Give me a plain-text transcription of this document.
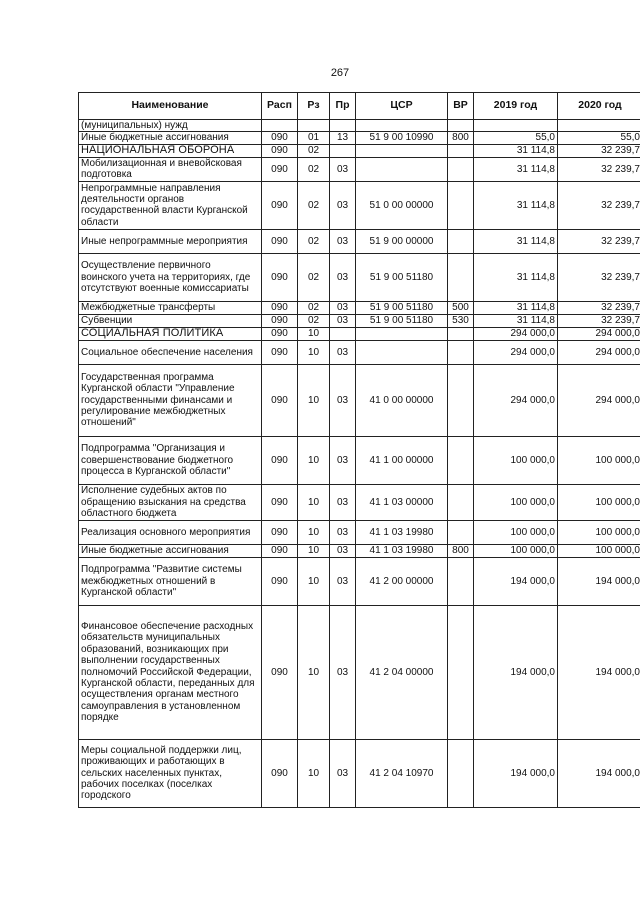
267
Наименование	Расп	Рз	Пр	ЦСР	ВР	2019 год	2020 год
(муниципальных) нужд							
Иные бюджетные ассигнования	090	01	13	51 9 00 10990	800	55,0	55,0
НАЦИОНАЛЬНАЯ ОБОРОНА	090	02				31 114,8	32 239,7
Мобилизационная и вневойсковая подготовка	090	02	03			31 114,8	32 239,7
Непрограммные направления деятельности органов государственной власти Курганской области	090	02	03	51 0 00 00000		31 114,8	32 239,7
Иные непрограммные мероприятия	090	02	03	51 9 00 00000		31 114,8	32 239,7
Осуществление первичного воинского учета на территориях, где отсутствуют военные комиссариаты	090	02	03	51 9 00 51180		31 114,8	32 239,7
Межбюджетные трансферты	090	02	03	51 9 00 51180	500	31 114,8	32 239,7
Субвенции	090	02	03	51 9 00 51180	530	31 114,8	32 239,7
СОЦИАЛЬНАЯ ПОЛИТИКА	090	10				294 000,0	294 000,0
Социальное обеспечение населения	090	10	03			294 000,0	294 000,0
Государственная программа Курганской области "Управление государственными финансами и регулирование межбюджетных отношений"	090	10	03	41 0 00 00000		294 000,0	294 000,0
Подпрограмма "Организация и совершенствование бюджетного процесса в Курганской области"	090	10	03	41 1 00 00000		100 000,0	100 000,0
Исполнение судебных актов по обращению взыскания на средства областного бюджета	090	10	03	41 1 03 00000		100 000,0	100 000,0
Реализация основного мероприятия	090	10	03	41 1 03 19980		100 000,0	100 000,0
Иные бюджетные ассигнования	090	10	03	41 1 03 19980	800	100 000,0	100 000,0
Подпрограмма "Развитие системы межбюджетных отношений в Курганской области"	090	10	03	41 2 00 00000		194 000,0	194 000,0
Финансовое обеспечение расходных обязательств муниципальных образований, возникающих при выполнении государственных полномочий Российской Федерации, Курганской области, переданных для осуществления органам местного самоуправления в установленном порядке	090	10	03	41 2 04 00000		194 000,0	194 000,0
Меры социальной поддержки лиц, проживающих и работающих в сельских населенных пунктах, рабочих поселках (поселках городского	090	10	03	41 2 04 10970		194 000,0	194 000,0
